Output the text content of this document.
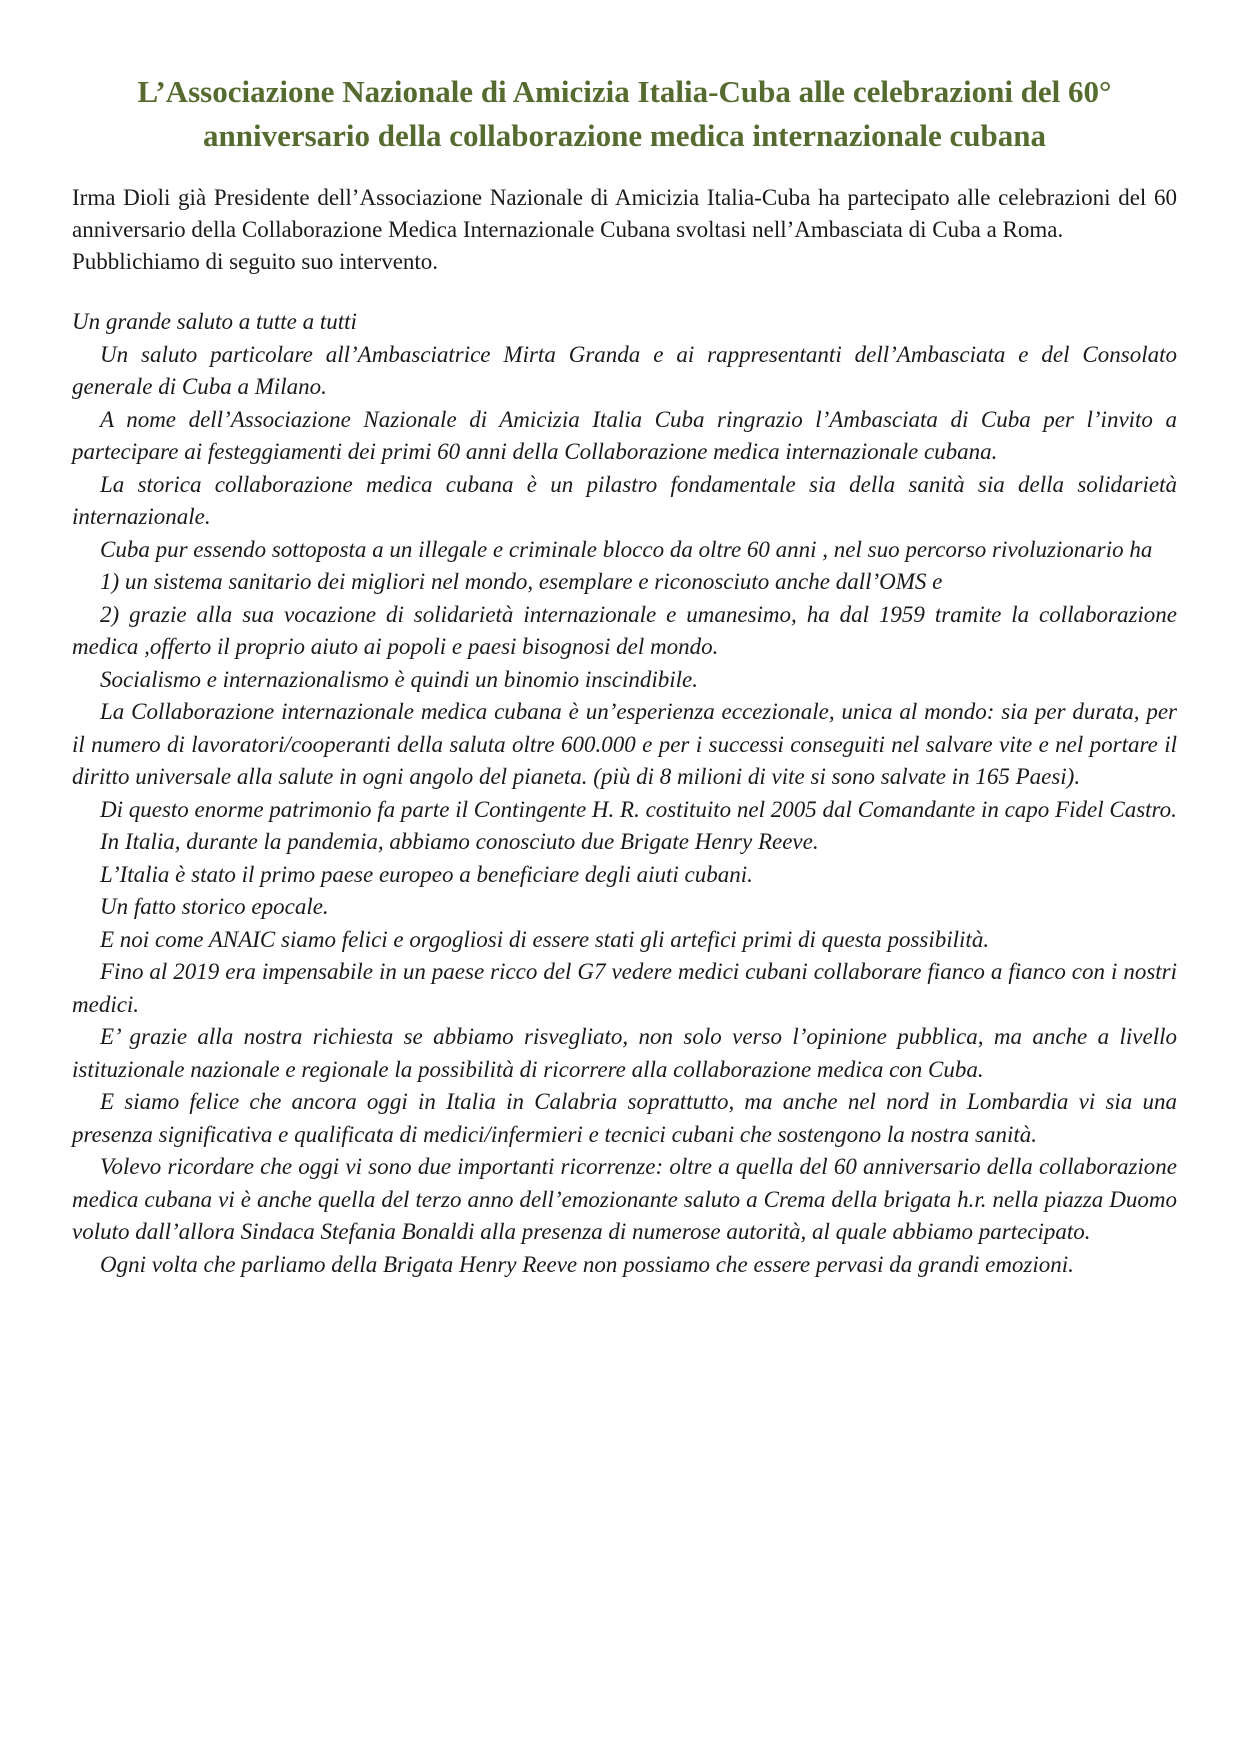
L’Associazione Nazionale di Amicizia Italia-Cuba alle celebrazioni del 60° anniversario della collaborazione medica internazionale cubana

Irma Dioli già Presidente dell’Associazione Nazionale di Amicizia Italia-Cuba ha partecipato alle celebrazioni del 60 anniversario della Collaborazione Medica Internazionale Cubana svoltasi nell’Ambasciata di Cuba a Roma.

Pubblichiamo di seguito suo intervento.

Un grande saluto a tutte a tutti

Un saluto particolare all’Ambasciatrice Mirta Granda e ai rappresentanti dell’Ambasciata e del Consolato generale di Cuba a Milano.

A nome dell’Associazione Nazionale di Amicizia Italia Cuba ringrazio l’Ambasciata di Cuba per l’invito a partecipare ai festeggiamenti dei primi 60 anni della Collaborazione medica internazionale cubana.

La storica collaborazione medica cubana è un pilastro fondamentale sia della sanità sia della solidarietà internazionale.

Cuba pur essendo sottoposta a un illegale e criminale blocco da oltre 60 anni , nel suo percorso rivoluzionario ha

1) un sistema sanitario dei migliori nel mondo, esemplare e riconosciuto anche dall’OMS e

2) grazie alla sua vocazione di solidarietà internazionale e umanesimo, ha dal 1959 tramite la collaborazione medica ,offerto il proprio aiuto ai popoli e paesi bisognosi del mondo.

Socialismo e internazionalismo è quindi un binomio inscindibile.

La Collaborazione internazionale medica cubana è un’esperienza eccezionale, unica al mondo: sia per durata, per il numero di lavoratori/cooperanti della saluta oltre 600.000 e per i successi conseguiti nel salvare vite e nel portare il diritto universale alla salute in ogni angolo del pianeta. (più di 8 milioni di vite si sono salvate in 165 Paesi).

Di questo enorme patrimonio fa parte il Contingente H. R. costituito nel 2005 dal Comandante in capo Fidel Castro.

In Italia, durante la pandemia, abbiamo conosciuto due Brigate Henry Reeve.

L’Italia è stato il primo paese europeo a beneficiare degli aiuti cubani.

Un fatto storico epocale.

E noi come ANAIC siamo felici e orgogliosi di essere stati gli artefici primi di questa possibilità.

Fino al 2019 era impensabile in un paese ricco del G7 vedere medici cubani collaborare fianco a fianco con i nostri medici.

E’ grazie alla nostra richiesta se abbiamo risvegliato, non solo verso l’opinione pubblica, ma anche a livello istituzionale nazionale e regionale la possibilità di ricorrere alla collaborazione medica con Cuba.

E siamo felice che ancora oggi in Italia in Calabria soprattutto, ma anche nel nord in Lombardia vi sia una presenza significativa e qualificata di medici/infermieri e tecnici cubani che sostengono la nostra sanità.

Volevo ricordare che oggi vi sono due importanti ricorrenze: oltre a quella del 60 anniversario della collaborazione medica cubana vi è anche quella del terzo anno dell’emozionante saluto a Crema della brigata h.r. nella piazza Duomo voluto dall’allora Sindaca Stefania Bonaldi alla presenza di numerose autorità, al quale abbiamo partecipato.

Ogni volta che parliamo della Brigata Henry Reeve non possiamo che essere pervasi da grandi emozioni.
